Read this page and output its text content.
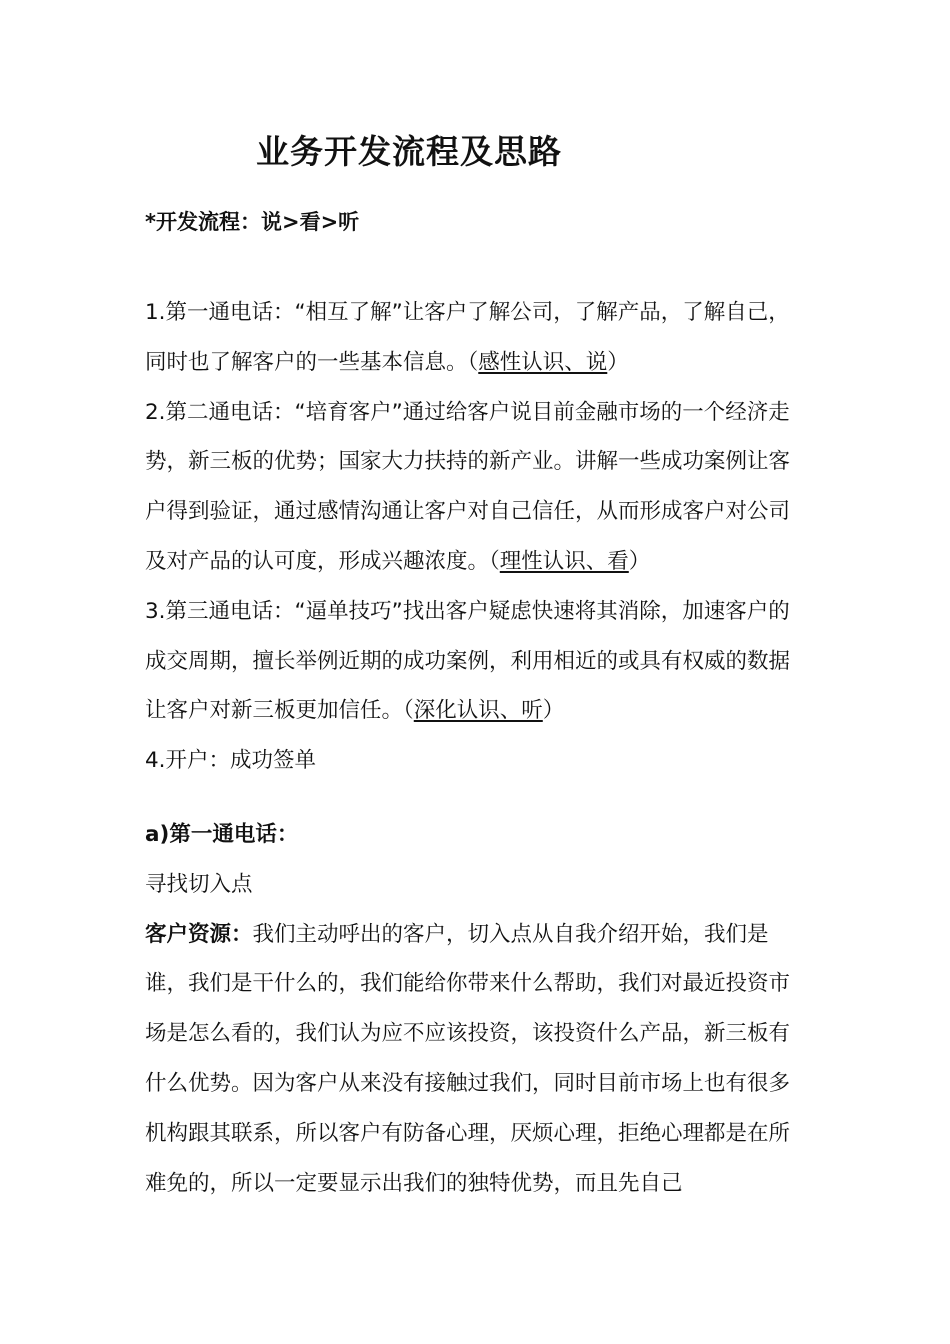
业务开发流程及思路

*开发流程：说>看>听

1.第一通电话：“相互了解”让客户了解公司，了解产品，了解自己，同时也了解客户的一些基本信息。（感性认识、说）

2.第二通电话：“培育客户”通过给客户说目前金融市场的一个经济走势，新三板的优势；国家大力扶持的新产业。讲解一些成功案例让客户得到验证，通过感情沟通让客户对自己信任，从而形成客户对公司及对产品的认可度，形成兴趣浓度。（理性认识、看）

3.第三通电话：“逼单技巧”找出客户疑虑快速将其消除，加速客户的成交周期，擅长举例近期的成功案例，利用相近的或具有权威的数据让客户对新三板更加信任。（深化认识、听）

4.开户：成功签单

a)第一通电话：

寻找切入点

客户资源：我们主动呼出的客户，切入点从自我介绍开始，我们是谁，我们是干什么的，我们能给你带来什么帮助，我们对最近投资市场是怎么看的，我们认为应不应该投资，该投资什么产品，新三板有什么优势。因为客户从来没有接触过我们，同时目前市场上也有很多机构跟其联系，所以客户有防备心理，厌烦心理，拒绝心理都是在所难免的，所以一定要显示出我们的独特优势，而且先自己
